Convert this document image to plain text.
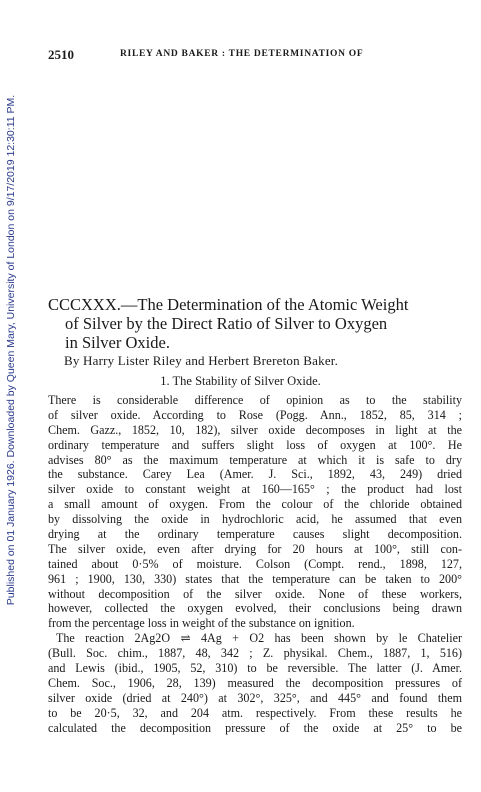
Published on 01 January 1926. Downloaded by Queen Mary, University of London on 9/17/2019 12:30:11 PM.
2510	RILEY AND BAKER : THE DETERMINATION OF
CCCXXX.—The Determination of the Atomic Weight
of Silver by the Direct Ratio of Silver to Oxygen
in Silver Oxide.
By Harry Lister Riley and Herbert Brereton Baker.
1. The Stability of Silver Oxide.
There is considerable difference of opinion as to the stability
of silver oxide. According to Rose (Pogg. Ann., 1852, 85, 314 ;
Chem. Gazz., 1852, 10, 182), silver oxide decomposes in light at the
ordinary temperature and suffers slight loss of oxygen at 100°. He
advises 80° as the maximum temperature at which it is safe to dry
the substance. Carey Lea (Amer. J. Sci., 1892, 43, 249) dried
silver oxide to constant weight at 160—165° ; the product had lost
a small amount of oxygen. From the colour of the chloride obtained
by dissolving the oxide in hydrochloric acid, he assumed that even
drying at the ordinary temperature causes slight decomposition.
The silver oxide, even after drying for 20 hours at 100°, still con-
tained about 0·5% of moisture. Colson (Compt. rend., 1898, 127,
961 ; 1900, 130, 330) states that the temperature can be taken to 200°
without decomposition of the silver oxide. None of these workers,
however, collected the oxygen evolved, their conclusions being drawn
from the percentage loss in weight of the substance on ignition.
The reaction 2Ag2O ⇌ 4Ag + O2 has been shown by le Chatelier
(Bull. Soc. chim., 1887, 48, 342 ; Z. physikal. Chem., 1887, 1, 516)
and Lewis (ibid., 1905, 52, 310) to be reversible. The latter (J. Amer.
Chem. Soc., 1906, 28, 139) measured the decomposition pressures of
silver oxide (dried at 240°) at 302°, 325°, and 445° and found them
to be 20·5, 32, and 204 atm. respectively. From these results he
calculated the decomposition pressure of the oxide at 25° to be
